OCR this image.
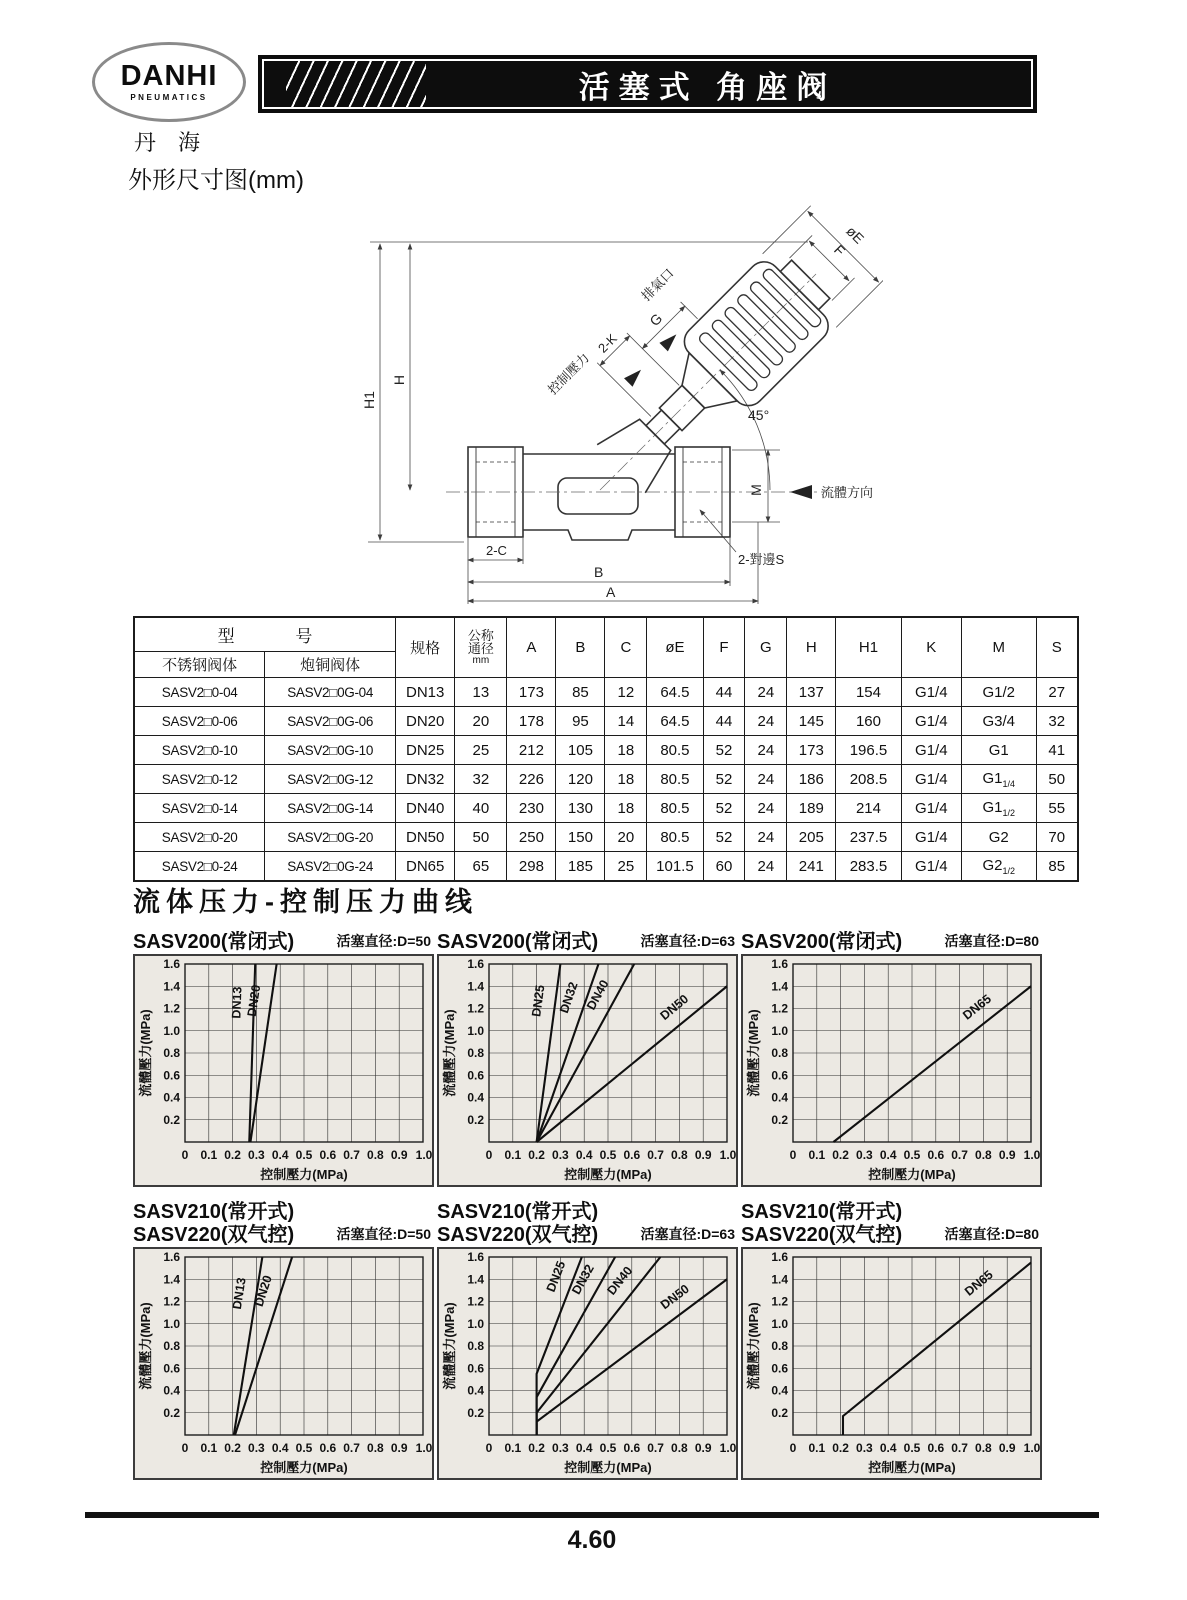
DANHI
PNEUMATICS
丹海
活塞式 角座阀
外形尺寸图(mm)
G
2-K
控制壓力
排氣口
F
øE
H1
H
M
45°
2-C
B
A
2-對邊S
流體方向
型 号		规格	公称
通径
mm	A	B	C	øE	F	G	H	H1	K	M	S
不锈钢阀体	炮铜阀体													
SASV2□0-04	SASV2□0G-04	DN13	13	173	85	12	64.5	44	24	137	154	G1/4	G1/2	27
SASV2□0-06	SASV2□0G-06	DN20	20	178	95	14	64.5	44	24	145	160	G1/4	G3/4	32
SASV2□0-10	SASV2□0G-10	DN25	25	212	105	18	80.5	52	24	173	196.5	G1/4	G1	41
SASV2□0-12	SASV2□0G-12	DN32	32	226	120	18	80.5	52	24	186	208.5	G1/4	$G1_{1/4}$	50
SASV2□0-14	SASV2□0G-14	DN40	40	230	130	18	80.5	52	24	189	214	G1/4	$G1_{1/2}$	55
SASV2□0-20	SASV2□0G-20	DN50	50	250	150	20	80.5	52	24	205	237.5	G1/4	G2	70
SASV2□0-24	SASV2□0G-24	DN65	65	298	185	25	101.5	60	24	241	283.5	G1/4	$G2_{1/2}$	85
流体压力-控制压力曲线
SASV200(常闭式)	活塞直径:D=50
0.2
0.4
0.6
0.8
1.0
1.2
1.4
1.6
0 0.1 0.2 0.3 0.4 0.5 0.6 0.7 0.8 0.9 1.0
流體壓力(MPa)
控制壓力(MPa)
DN13 DN20
SASV200(常闭式)	活塞直径:D=63
0.2
0.4
0.6
0.8
1.0
1.2
1.4
1.6
0 0.1 0.2 0.3 0.4 0.5 0.6 0.7 0.8 0.9 1.0
流體壓力(MPa)
控制壓力(MPa)
DN25 DN32 DN40	DN50
SASV200(常闭式)	活塞直径:D=80
0.2
0.4
0.6
0.8
1.0
1.2
1.4
1.6
0 0.1 0.2 0.3 0.4 0.5 0.6 0.7 0.8 0.9 1.0
流體壓力(MPa)
控制壓力(MPa)
DN65
SASV210(常开式)
SASV220(双气控)	活塞直径:D=50
0.2
0.4
0.6
0.8
1.0
1.2
1.4
1.6
0 0.1 0.2 0.3 0.4 0.5 0.6 0.7 0.8 0.9 1.0
流體壓力(MPa)
控制壓力(MPa)
DN13 DN20
SASV210(常开式)
SASV220(双气控)	活塞直径:D=63
0.2
0.4
0.6
0.8
1.0
1.2
1.4
1.6
0 0.1 0.2 0.3 0.4 0.5 0.6 0.7 0.8 0.9 1.0
流體壓力(MPa)
控制壓力(MPa)
DN25 DN32 DN40 DN50
SASV210(常开式)
SASV220(双气控)	活塞直径:D=80
0.2
0.4
0.6
0.8
1.0
1.2
1.4
1.6
0 0.1 0.2 0.3 0.4 0.5 0.6 0.7 0.8 0.9 1.0
流體壓力(MPa)
控制壓力(MPa)
DN65
4.60
